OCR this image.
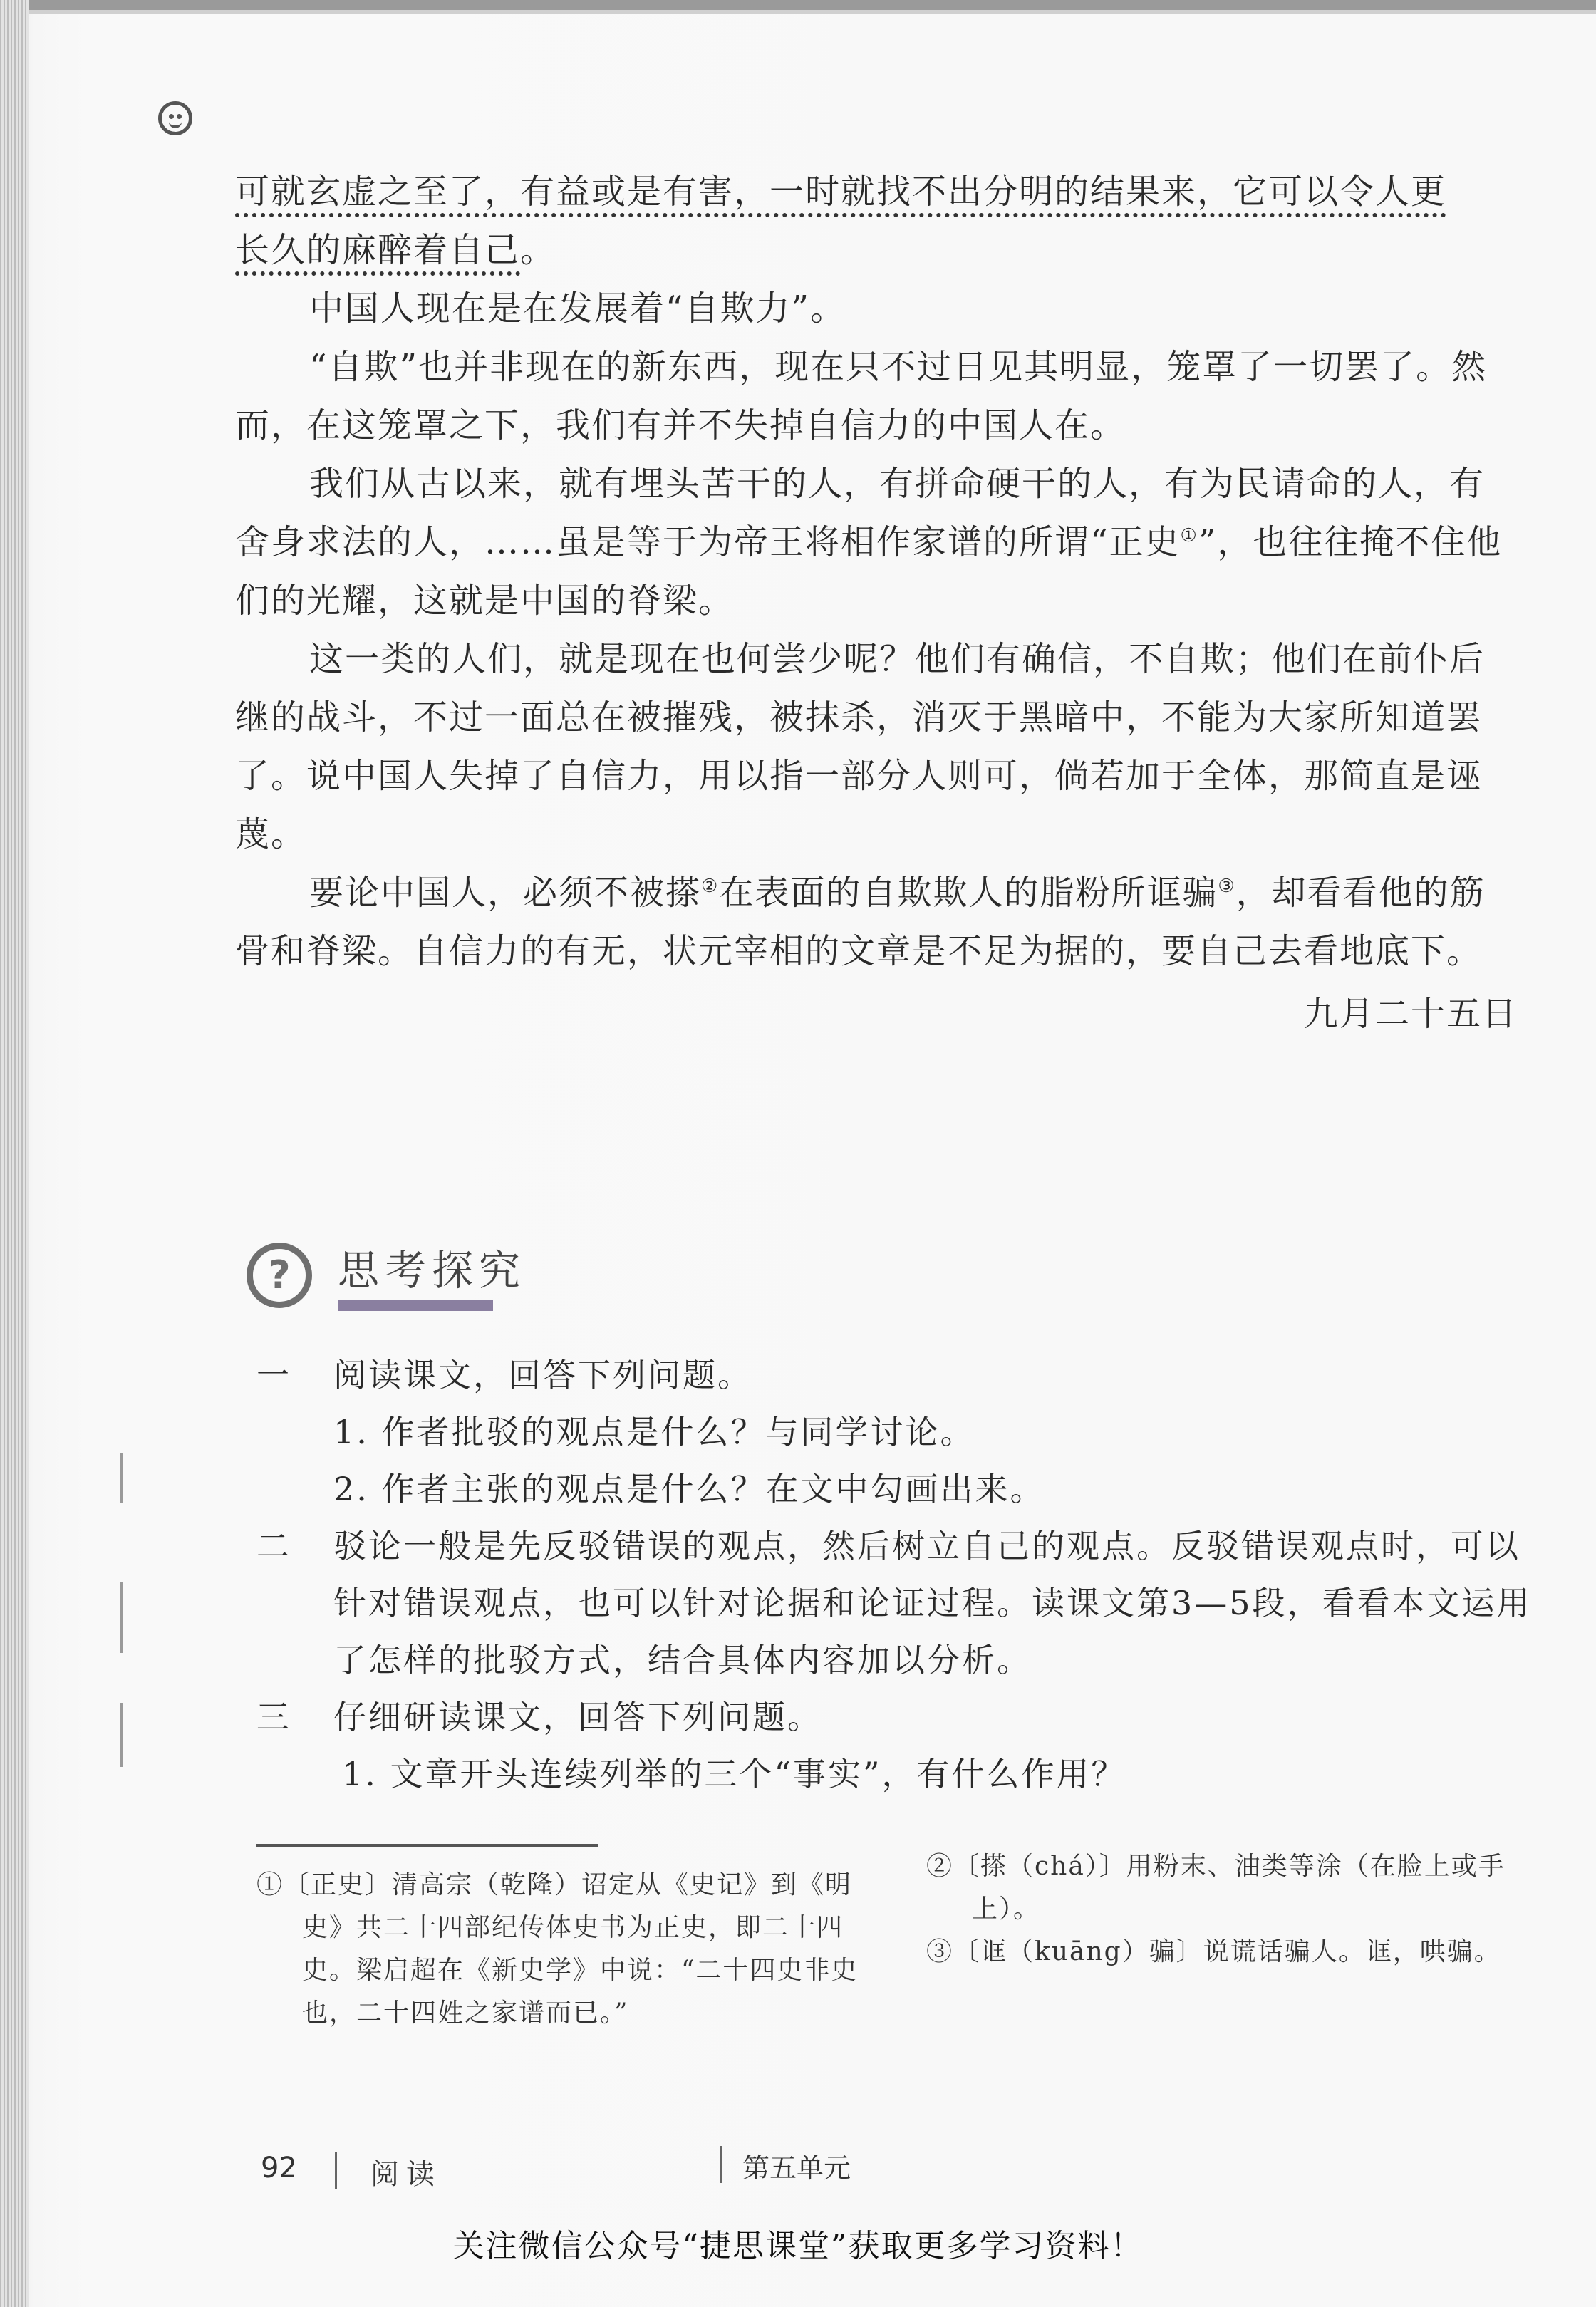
可就玄虚之至了，有益或是有害，一时就找不出分明的结果来，它可以令人更
长久的麻醉着自己。

中国人现在是在发展着“自欺力”。

“自欺”也并非现在的新东西，现在只不过日见其明显，笼罩了一切罢了。然而，在这笼罩之下，我们有并不失掉自信力的中国人在。

我们从古以来，就有埋头苦干的人，有拼命硬干的人，有为民请命的人，有舍身求法的人，……虽是等于为帝王将相作家谱的所谓“正史①”，也往往掩不住他们的光耀，这就是中国的脊梁。

这一类的人们，就是现在也何尝少呢？他们有确信，不自欺；他们在前仆后继的战斗，不过一面总在被摧残，被抹杀，消灭于黑暗中，不能为大家所知道罢了。说中国人失掉了自信力，用以指一部分人则可，倘若加于全体，那简直是诬蔑。

要论中国人，必须不被搽②在表面的自欺欺人的脂粉所诓骗③，却看看他的筋骨和脊梁。自信力的有无，状元宰相的文章是不足为据的，要自己去看地底下。

九月二十五日

?	思考探究
一 阅读课文，回答下列问题。
1. 作者批驳的观点是什么？与同学讨论。
2. 作者主张的观点是什么？在文中勾画出来。
二 驳论一般是先反驳错误的观点，然后树立自己的观点。反驳错误观点时，可以针对错误观点，也可以针对论据和论证过程。读课文第3—5段，看看本文运用了怎样的批驳方式，结合具体内容加以分析。
三 仔细研读课文，回答下列问题。
1. 文章开头连续列举的三个“事实”，有什么作用？

①〔正史〕清高宗（乾隆）诏定从《史记》到《明史》共二十四部纪传体史书为正史，即二十四史。梁启超在《新史学》中说：“二十四史非史也，二十四姓之家谱而已。”

②〔搽（chá）〕用粉末、油类等涂（在脸上或手上）。

③〔诓（kuāng）骗〕说谎话骗人。诓，哄骗。

92	阅读	第五单元
关注微信公众号“捷思课堂”获取更多学习资料！
